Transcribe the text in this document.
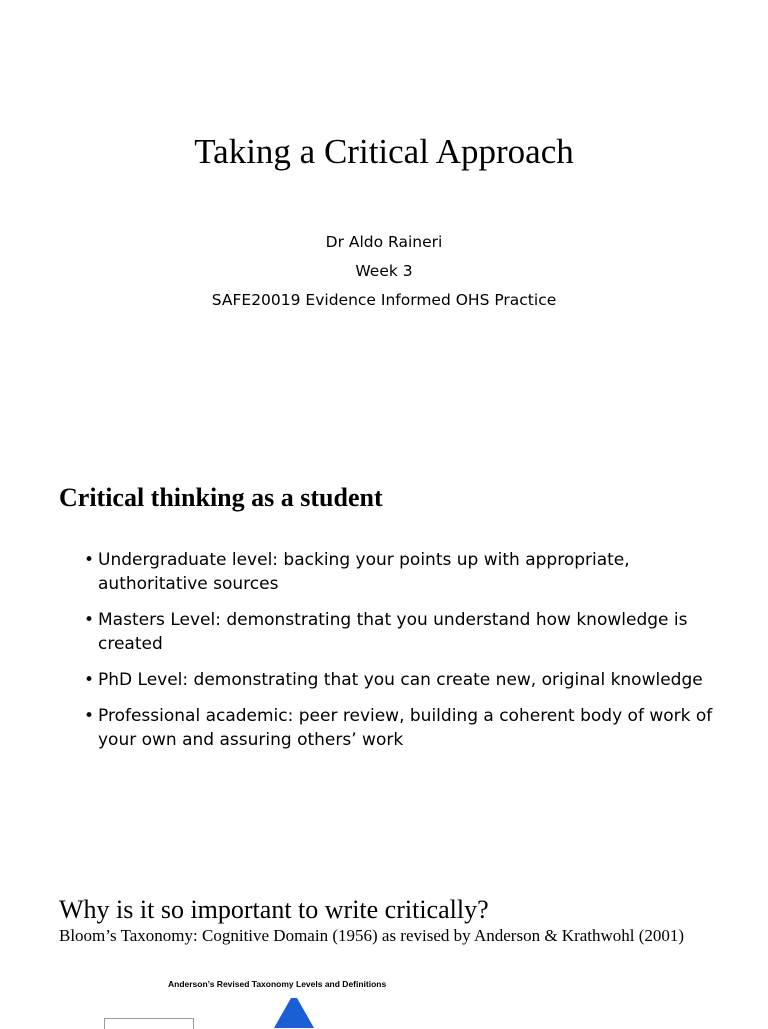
Taking a Critical Approach
Dr Aldo Raineri
Week 3
SAFE20019 Evidence Informed OHS Practice
Critical thinking as a student
• Undergraduate level: backing your points up with appropriate, authoritative sources
• Masters Level: demonstrating that you understand how knowledge is created
• PhD Level: demonstrating that you can create new, original knowledge
• Professional academic: peer review, building a coherent body of work of your own and assuring others’ work
Why is it so important to write critically?
Bloom’s Taxonomy: Cognitive Domain (1956) as revised by Anderson & Krathwohl (2001)
Anderson’s Revised Taxonomy Levels and Definitions
